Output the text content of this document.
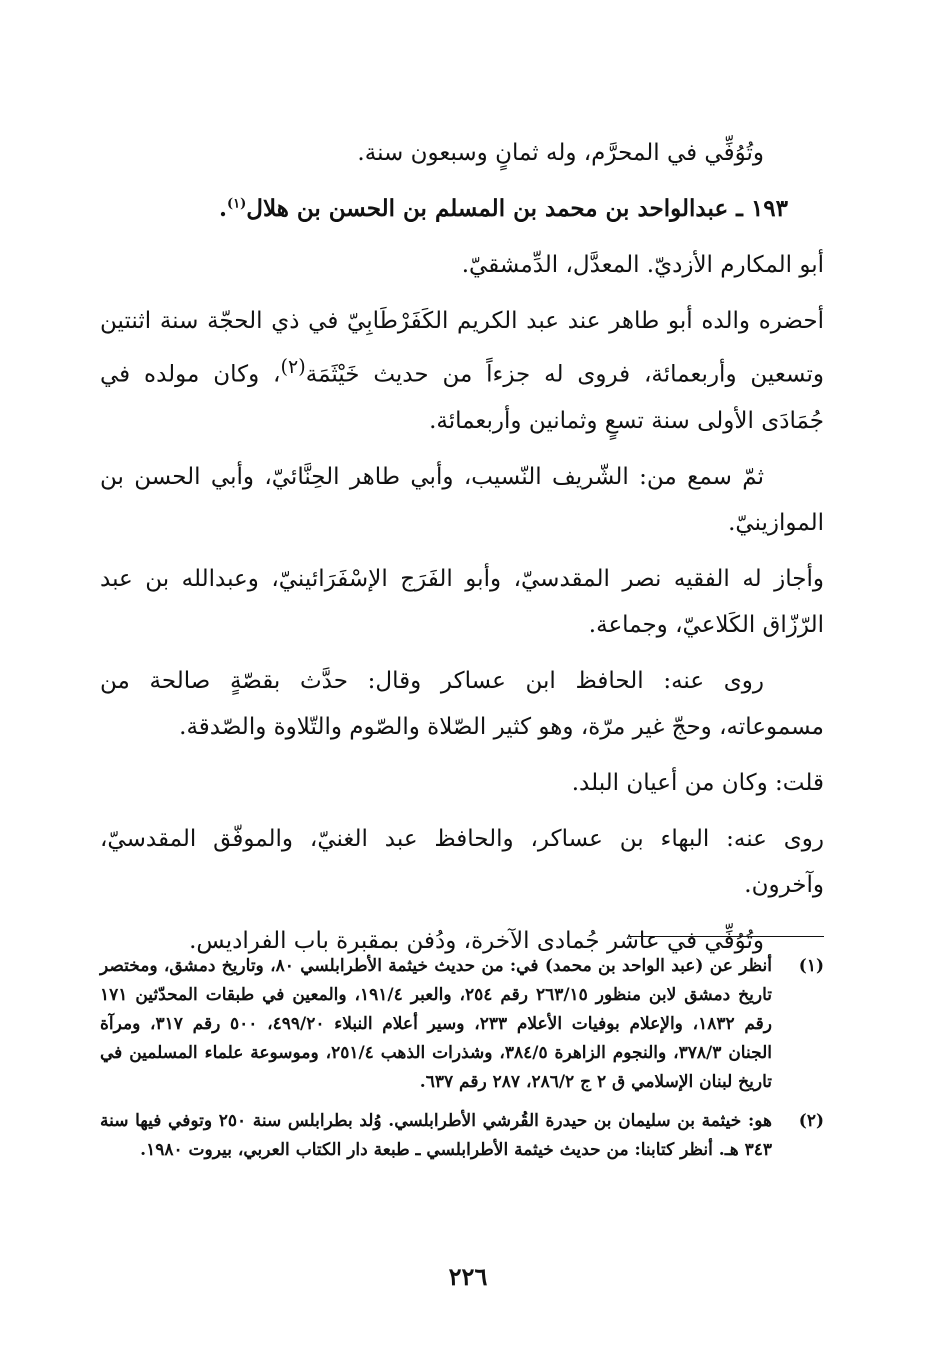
وتُوُفِّي في المحرَّم، وله ثمانٍ وسبعون سنة.

١٩٣ ـ عبدالواحد بن محمد بن المسلم بن الحسن بن هلال$^{(١)}$.

أبو المكارم الأزديّ. المعدَّل، الدِّمشقيّ.

أحضره والده أبو طاهر عند عبد الكريم الكَفَرْطَابِيّ في ذي الحجّة سنة اثنتين وتسعين وأربعمائة، فروى له جزءاً من حديث خَيْثَمَة$^{(٢)}$، وكان مولده في جُمَادَى الأولى سنة تسعٍ وثمانين وأربعمائة.

ثمّ سمع من: الشّريف النّسيب، وأبي طاهر الحِنَّائيّ، وأبي الحسن بن الموازينيّ.

وأجاز له الفقيه نصر المقدسيّ، وأبو الفَرَج الإسْفَرَائينيّ، وعبدالله بن عبد الرّزّاق الكَلاعيّ، وجماعة.

روى عنه: الحافظ ابن عساكر وقال: حدَّث بقصّةٍ صالحة من مسموعاته، وحجّ غير مرّة، وهو كثير الصّلاة والصّوم والتّلاوة والصّدقة.

قلت: وكان من أعيان البلد.

روى عنه: البهاء بن عساكر، والحافظ عبد الغنيّ، والموفّق المقدسيّ، وآخرون.

وتُوُفِّي في عاشر جُمادى الآخرة، ودُفن بمقبرة باب الفراديس.

(١)
أنظر عن (عبد الواحد بن محمد) في: من حديث خيثمة الأطرابلسي ٨٠، وتاريخ دمشق، ومختصر تاريخ دمشق لابن منظور ٢٦٣/١٥ رقم ٢٥٤، والعبر ١٩١/٤، والمعين في طبقات المحدّثين ١٧١ رقم ١٨٣٢، والإعلام بوفيات الأعلام ٢٣٣، وسير أعلام النبلاء ٤٩٩/٢٠، ٥٠٠ رقم ٣١٧، ومرآة الجنان ٣٧٨/٣، والنجوم الزاهرة ٣٨٤/٥، وشذرات الذهب ٢٥١/٤، وموسوعة علماء المسلمين في تاريخ لبنان الإسلامي ق ٢ ج ٢٨٦/٢، ٢٨٧ رقم ٦٣٧.
(٢)
هو: خيثمة بن سليمان بن حيدرة القُرشي الأطرابلسي. وُلد بطرابلس سنة ٢٥٠ وتوفي فيها سنة ٣٤٣ هـ. أنظر كتابنا: من حديث خيثمة الأطرابلسي ـ طبعة دار الكتاب العربي، بيروت ١٩٨٠.
٢٢٦
